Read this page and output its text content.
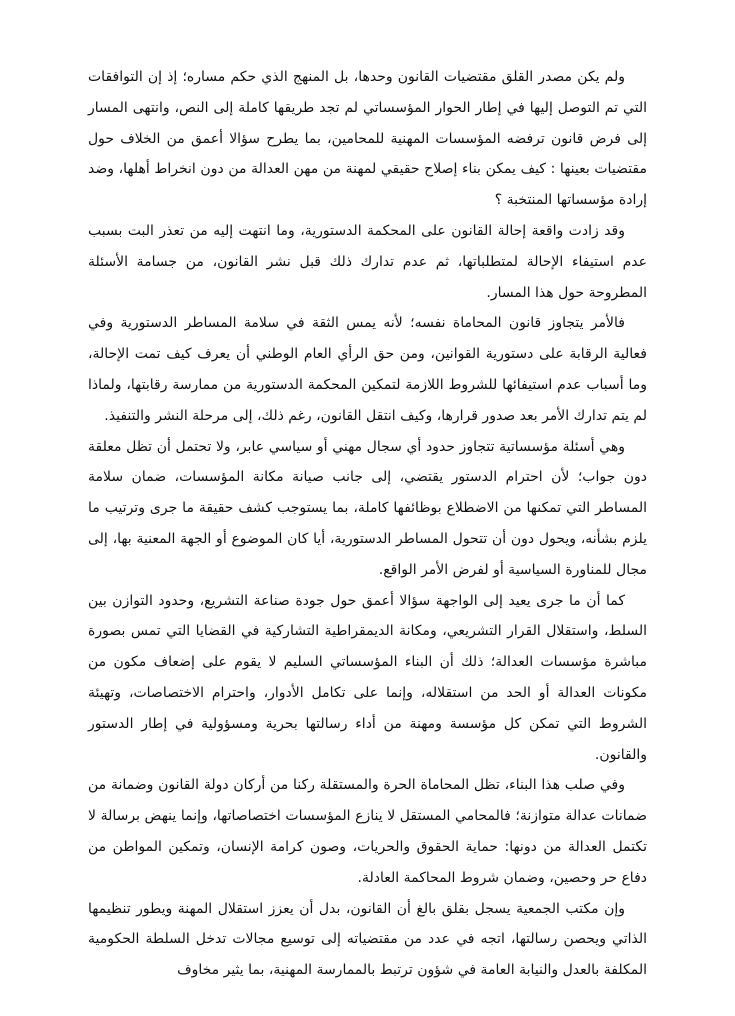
ولم يكن مصدر القلق مقتضيات القانون وحدها، بل المنهج الذي حكم مساره؛ إذ إن التوافقات التي تم التوصل إليها في إطار الحوار المؤسساتي لم تجد طريقها كاملة إلى النص، وانتهى المسار إلى فرض قانون ترفضه المؤسسات المهنية للمحامين، بما يطرح سؤالا أعمق من الخلاف حول مقتضيات بعينها : كيف يمكن بناء إصلاح حقيقي لمهنة من مهن العدالة من دون انخراط أهلها، وضد إرادة مؤسساتها المنتخبة ؟

وقد زادت واقعة إحالة القانون على المحكمة الدستورية، وما انتهت إليه من تعذر البت بسبب عدم استيفاء الإحالة لمتطلباتها، ثم عدم تدارك ذلك قبل نشر القانون، من جسامة الأسئلة المطروحة حول هذا المسار.

فالأمر يتجاوز قانون المحاماة نفسه؛ لأنه يمس الثقة في سلامة المساطر الدستورية وفي فعالية الرقابة على دستورية القوانين، ومن حق الرأي العام الوطني أن يعرف كيف تمت الإحالة، وما أسباب عدم استيفائها للشروط اللازمة لتمكين المحكمة الدستورية من ممارسة رقابتها، ولماذا لم يتم تدارك الأمر بعد صدور قرارها، وكيف انتقل القانون، رغم ذلك، إلى مرحلة النشر والتنفيذ.

وهي أسئلة مؤسساتية تتجاوز حدود أي سجال مهني أو سياسي عابر، ولا تحتمل أن تظل معلقة دون جواب؛ لأن احترام الدستور يقتضي، إلى جانب صيانة مكانة المؤسسات، ضمان سلامة المساطر التي تمكنها من الاضطلاع بوظائفها كاملة، بما يستوجب كشف حقيقة ما جرى وترتيب ما يلزم بشأنه، ويحول دون أن تتحول المساطر الدستورية، أيا كان الموضوع أو الجهة المعنية بها، إلى مجال للمناورة السياسية أو لفرض الأمر الواقع.

كما أن ما جرى يعيد إلى الواجهة سؤالا أعمق حول جودة صناعة التشريع، وحدود التوازن بين السلط، واستقلال القرار التشريعي، ومكانة الديمقراطية التشاركية في القضايا التي تمس بصورة مباشرة مؤسسات العدالة؛ ذلك أن البناء المؤسساتي السليم لا يقوم على إضعاف مكون من مكونات العدالة أو الحد من استقلاله، وإنما على تكامل الأدوار، واحترام الاختصاصات، وتهيئة الشروط التي تمكن كل مؤسسة ومهنة من أداء رسالتها بحرية ومسؤولية في إطار الدستور والقانون.

وفي صلب هذا البناء، تظل المحاماة الحرة والمستقلة ركنا من أركان دولة القانون وضمانة من ضمانات عدالة متوازنة؛ فالمحامي المستقل لا ينازع المؤسسات اختصاصاتها، وإنما ينهض برسالة لا تكتمل العدالة من دونها: حماية الحقوق والحريات، وصون كرامة الإنسان، وتمكين المواطن من دفاع حر وحصين، وضمان شروط المحاكمة العادلة.

وإن مكتب الجمعية يسجل بقلق بالغ أن القانون، بدل أن يعزز استقلال المهنة ويطور تنظيمها الذاتي ويحصن رسالتها، اتجه في عدد من مقتضياته إلى توسيع مجالات تدخل السلطة الحكومية المكلفة بالعدل والنيابة العامة في شؤون ترتبط بالممارسة المهنية، بما يثير مخاوف
